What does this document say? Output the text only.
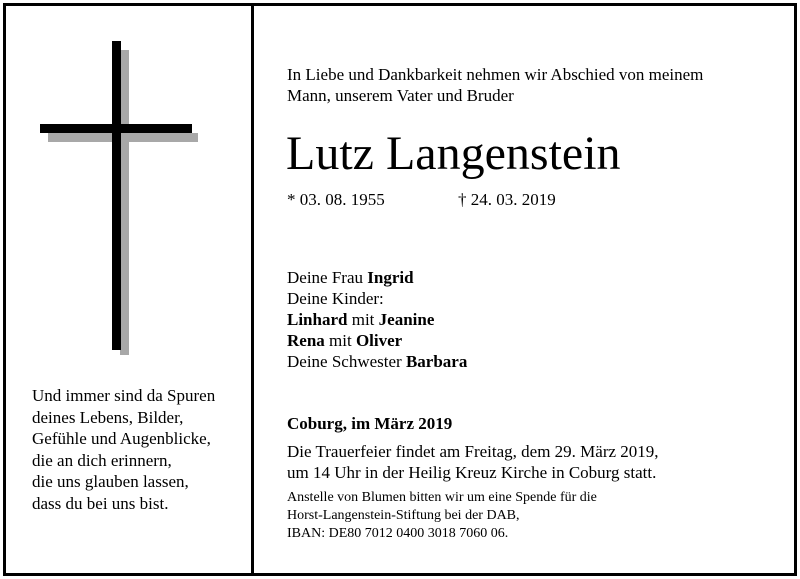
Und immer sind da Spuren
deines Lebens, Bilder,
Gefühle und Augenblicke,
die an dich erinnern,
die uns glauben lassen,
dass du bei uns bist.
In Liebe und Dankbarkeit nehmen wir Abschied von meinem
Mann, unserem Vater und Bruder
Lutz Langenstein
* 03. 08. 1955	† 24. 03. 2019
Deine Frau Ingrid
Deine Kinder:
Linhard mit Jeanine
Rena mit Oliver
Deine Schwester Barbara
Coburg, im März 2019
Die Trauerfeier findet am Freitag, dem 29. März 2019,
um 14 Uhr in der Heilig Kreuz Kirche in Coburg statt.
Anstelle von Blumen bitten wir um eine Spende für die
Horst-Langenstein-Stiftung bei der DAB,
IBAN: DE80 7012 0400 3018 7060 06.
